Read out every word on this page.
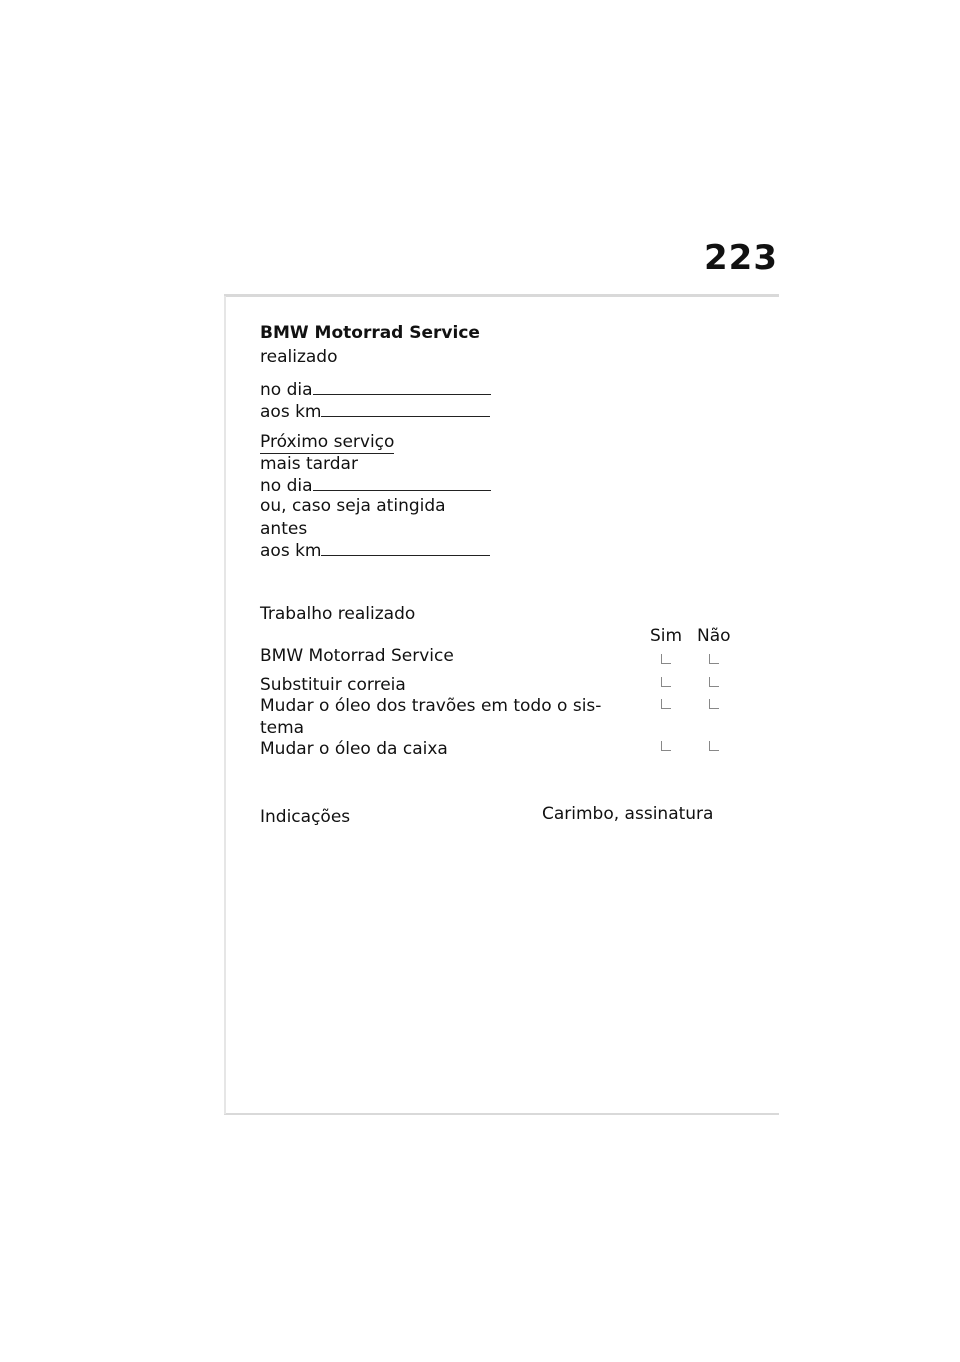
223
BMW Motorrad Service
realizado
no dia
aos km
Próximo serviço
mais tardar
no dia
ou, caso seja atingida
antes
aos km
Trabalho realizado
Sim Não
BMW Motorrad Service
Substituir correia
Mudar o óleo dos travões em todo o sis-
tema
Mudar o óleo da caixa
Indicações	Carimbo, assinatura
